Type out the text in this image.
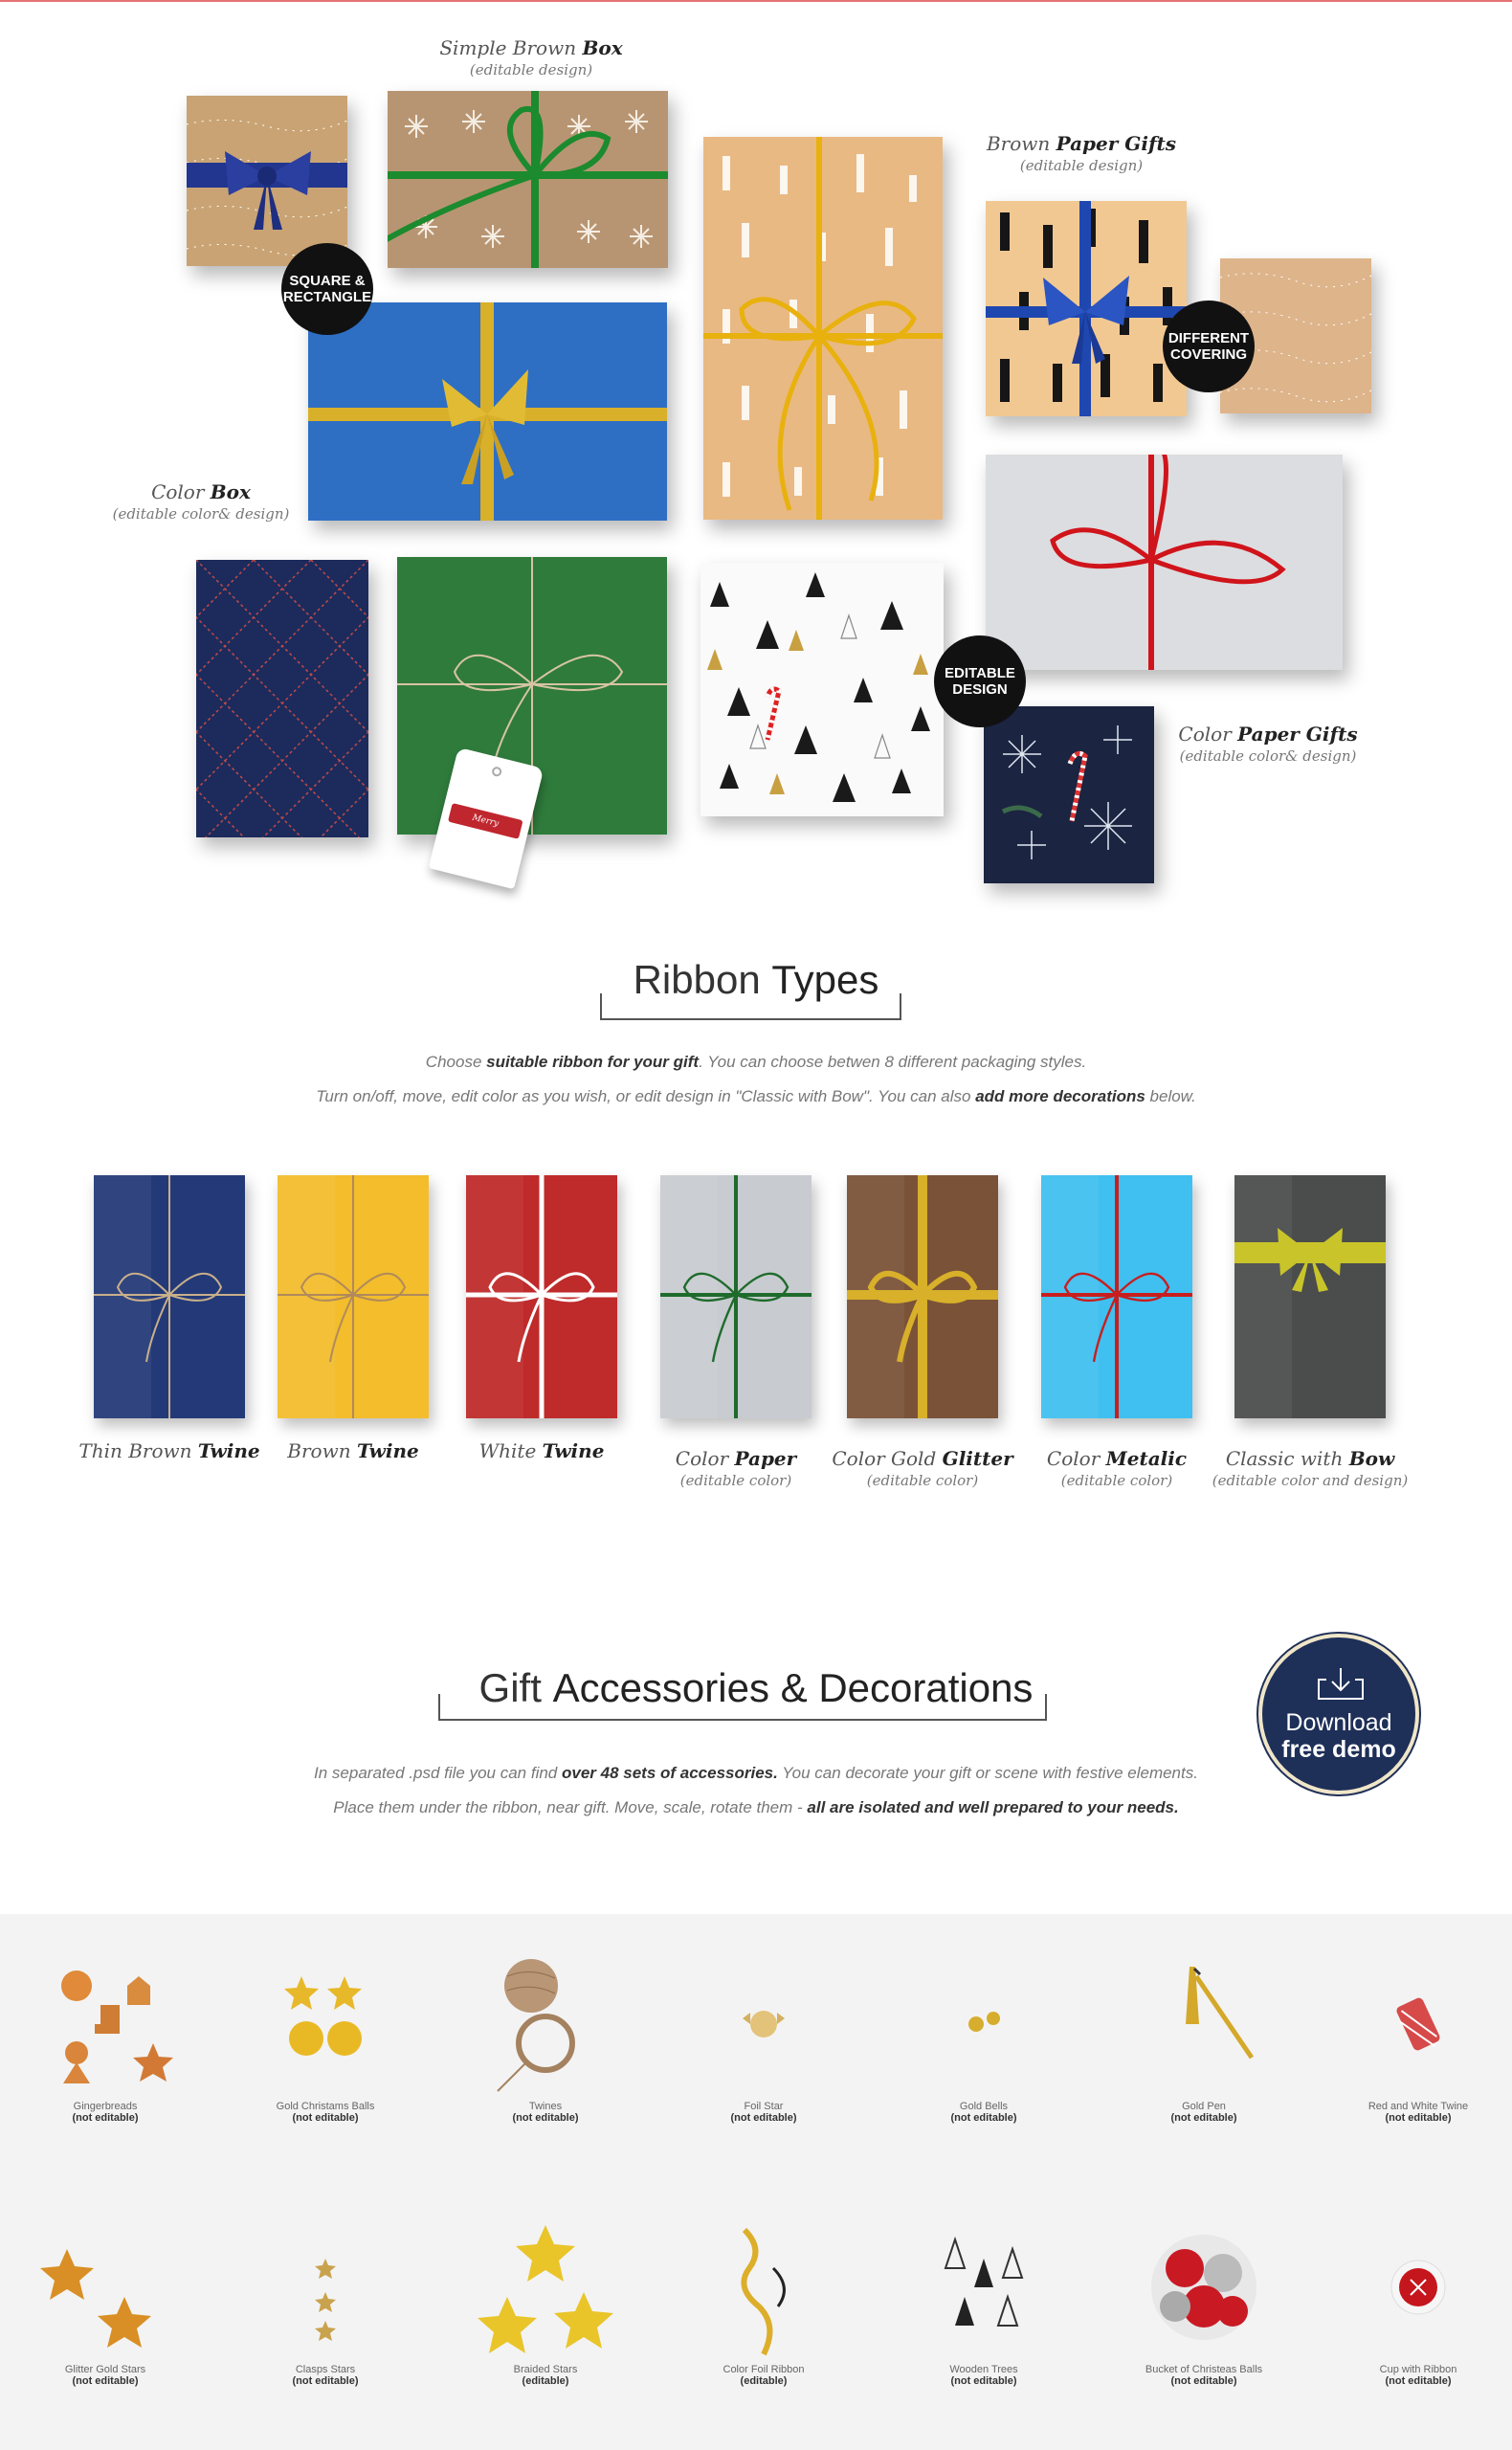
Simple Brown Box
(editable design)
Brown Paper Gifts
(editable design)
Color Box
(editable color& design)
Color Paper Gifts
(editable color& design)
Merry Christmas
SQUARE & RECTANGLE
DIFFERENT COVERING
EDITABLE DESIGN
Ribbon Types
Choose suitable ribbon for your gift. You can choose betwen 8 different packaging styles.
Turn on/off, move, edit color as you wish, or edit design in "Classic with Bow". You can also add more decorations below.
Thin Brown Twine	Brown Twine	White Twine	Color Paper
(editable color)
Color Gold Glitter
(editable color)
Color Metalic
(editable color)
Classic with Bow
(editable color and design)
Gift Accessories & Decorations
In separated .psd file you can find over 48 sets of accessories. You can decorate your gift or scene with festive elements.
Place them under the ribbon, near gift. Move, scale, rotate them - all are isolated and well prepared to your needs.
Download
free demo
Gingerbreads
(not editable)
Gold Christams Balls
(not editable)
Twines
(not editable)
Foil Star
(not editable)
Gold Bells
(not editable)
Gold Pen
(not editable)
Red and White Twine
(not editable)
Glitter Gold Stars
(not editable)
Clasps Stars
(not editable)
Braided Stars
(editable)
Color Foil Ribbon
(editable)
Wooden Trees
(not editable)
Bucket of Christeas Balls
(not editable)
Cup with Ribbon
(not editable)
